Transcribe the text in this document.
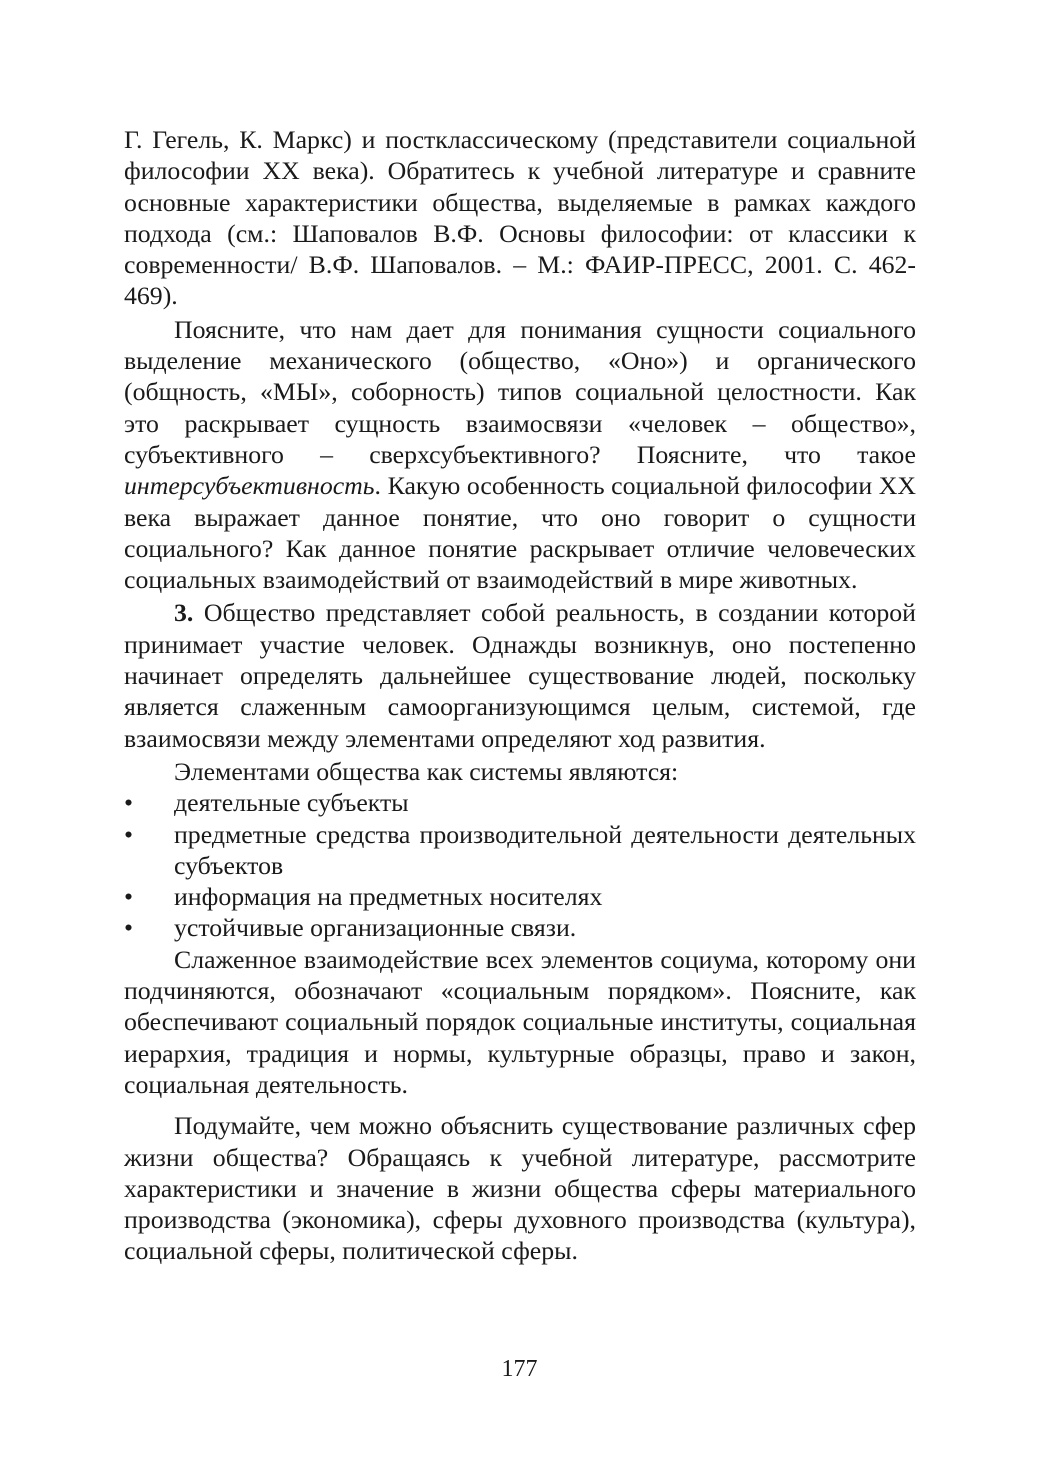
Г. Гегель, К. Маркс) и постклассическому (представители социальной философии XX века). Обратитесь к учебной литературе и сравните основные характеристики общества, выделяемые в рамках каждого подхода (см.: Шаповалов В.Ф. Основы философии: от классики к современности/ В.Ф. Шаповалов. – М.: ФАИР-ПРЕСС, 2001. С. 462-469).

Поясните, что нам дает для понимания сущности социального выделение механического (общество, «Оно») и органического (общность, «МЫ», соборность) типов социальной целостности. Как это раскрывает сущность взаимосвязи «человек – общество», субъективного – сверхсубъективного? Поясните, что такое интерсубъективность. Какую особенность социальной философии XX века выражает данное понятие, что оно говорит о сущности социального? Как данное понятие раскрывает отличие человеческих социальных взаимодействий от взаимодействий в мире животных.

3. Общество представляет собой реальность, в создании которой принимает участие человек. Однажды возникнув, оно постепенно начинает определять дальнейшее существование людей, поскольку является слаженным самоорганизующимся целым, системой, где взаимосвязи между элементами определяют ход развития.

Элементами общества как системы являются:

• деятельные субъекты
• предметные средства производительной деятельности деятельных субъектов
• информация на предметных носителях
• устойчивые организационные связи.

Слаженное взаимодействие всех элементов социума, которому они подчиняются, обозначают «социальным порядком». Поясните, как обеспечивают социальный порядок социальные институты, социальная иерархия, традиция и нормы, культурные образцы, право и закон, социальная деятельность.

Подумайте, чем можно объяснить существование различных сфер жизни общества? Обращаясь к учебной литературе, рассмотрите характеристики и значение в жизни общества сферы материального производства (экономика), сферы духовного производства (культура), социальной сферы, политической сферы.

177
